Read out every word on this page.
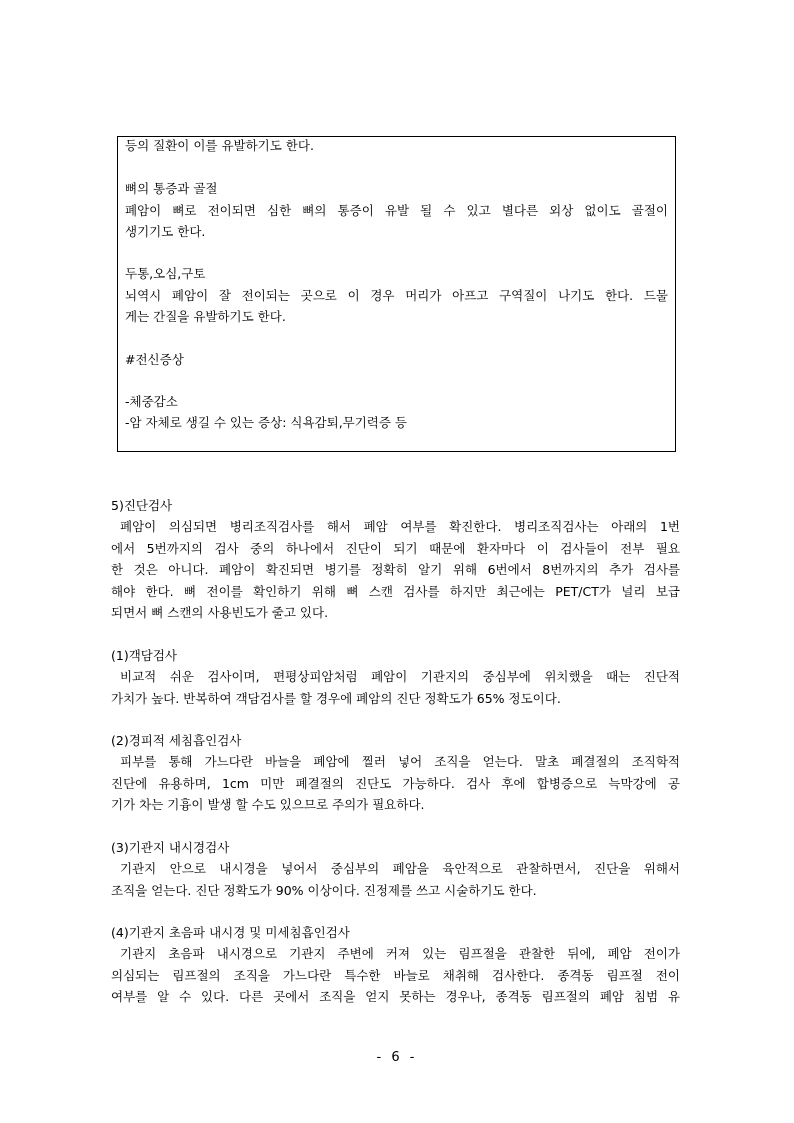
등의 질환이 이를 유발하기도 한다.
뼈의 통증과 골절
폐암이 뼈로 전이되면 심한 뼈의 통증이 유발 될 수 있고 별다른 외상 없이도 골절이
생기기도 한다.
두통,오심,구토
뇌역시 폐암이 잘 전이되는 곳으로 이 경우 머리가 아프고 구역질이 나기도 한다. 드물
게는 간질을 유발하기도 한다.
#전신증상
-체중감소
-암 자체로 생길 수 있는 증상: 식욕감퇴,무기력증 등
5)진단검사
폐암이 의심되면 병리조직검사를 해서 폐암 여부를 확진한다. 병리조직검사는 아래의 1번
에서 5번까지의 검사 중의 하나에서 진단이 되기 때문에 환자마다 이 검사들이 전부 필요
한 것은 아니다. 폐암이 확진되면 병기를 정확히 알기 위해 6번에서 8번까지의 추가 검사를
해야 한다. 뼈 전이를 확인하기 위해 뼈 스캔 검사를 하지만 최근에는 PET/CT가 널리 보급
되면서 뼈 스캔의 사용빈도가 줄고 있다.
(1)객담검사
비교적 쉬운 검사이며, 편평상피암처럼 폐암이 기관지의 중심부에 위치했을 때는 진단적
가치가 높다. 반복하여 객담검사를 할 경우에 폐암의 진단 정확도가 65% 정도이다.
(2)경피적 세침흡인검사
피부를 통해 가느다란 바늘을 폐암에 찔러 넣어 조직을 얻는다. 말초 폐결절의 조직학적
진단에 유용하며, 1cm 미만 폐결절의 진단도 가능하다. 검사 후에 합병증으로 늑막강에 공
기가 차는 기흉이 발생 할 수도 있으므로 주의가 필요하다.
(3)기관지 내시경검사
기관지 안으로 내시경을 넣어서 중심부의 폐암을 육안적으로 관찰하면서, 진단을 위해서
조직을 얻는다. 진단 정확도가 90% 이상이다. 진정제를 쓰고 시술하기도 한다.
(4)기관지 초음파 내시경 및 미세침흡인검사
기관지 초음파 내시경으로 기관지 주변에 커져 있는 림프절을 관찰한 뒤에, 폐암 전이가
의심되는 림프절의 조직을 가느다란 특수한 바늘로 채취해 검사한다. 종격동 림프절 전이
여부를 알 수 있다. 다른 곳에서 조직을 얻지 못하는 경우나, 종격동 림프절의 폐암 침범 유
- 6 -
